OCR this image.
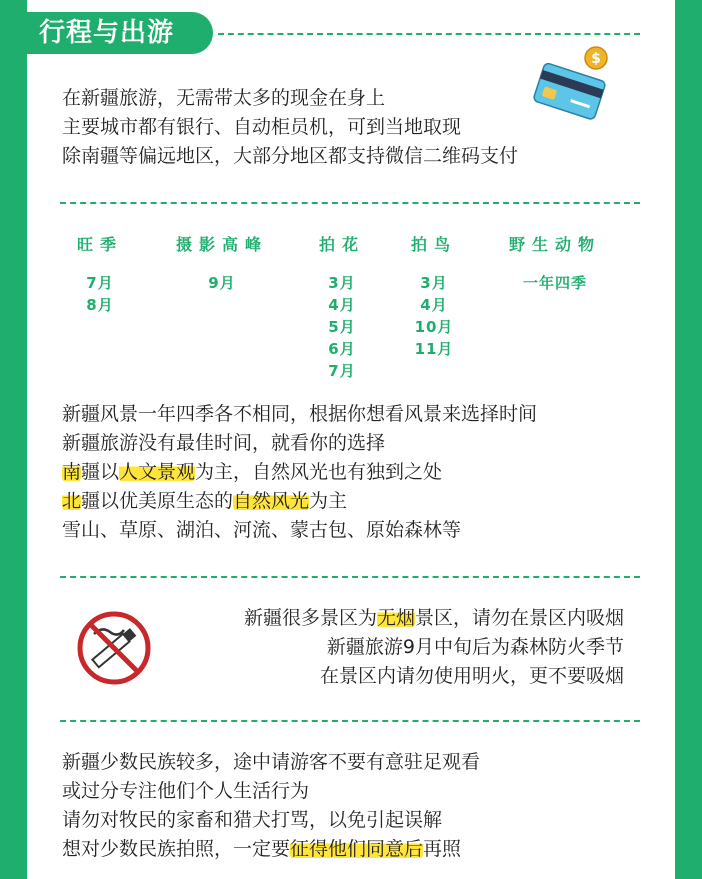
行程与出游
$
在新疆旅游，无需带太多的现金在身上
主要城市都有银行、自动柜员机，可到当地取现
除南疆等偏远地区，大部分地区都支持微信二维码支付
旺季
7月
8月
摄影高峰
9月
拍花
3月
4月
5月
6月
7月
拍鸟
3月
4月
10月
11月
野生动物
一年四季
新疆风景一年四季各不相同，根据你想看风景来选择时间
新疆旅游没有最佳时间，就看你的选择
南疆以人文景观为主，自然风光也有独到之处
北疆以优美原生态的自然风光为主
雪山、草原、湖泊、河流、蒙古包、原始森林等
新疆很多景区为无烟景区，请勿在景区内吸烟
新疆旅游9月中旬后为森林防火季节
在景区内请勿使用明火，更不要吸烟
新疆少数民族较多，途中请游客不要有意驻足观看
或过分专注他们个人生活行为
请勿对牧民的家畜和猎犬打骂，以免引起误解
想对少数民族拍照，一定要征得他们同意后再照
